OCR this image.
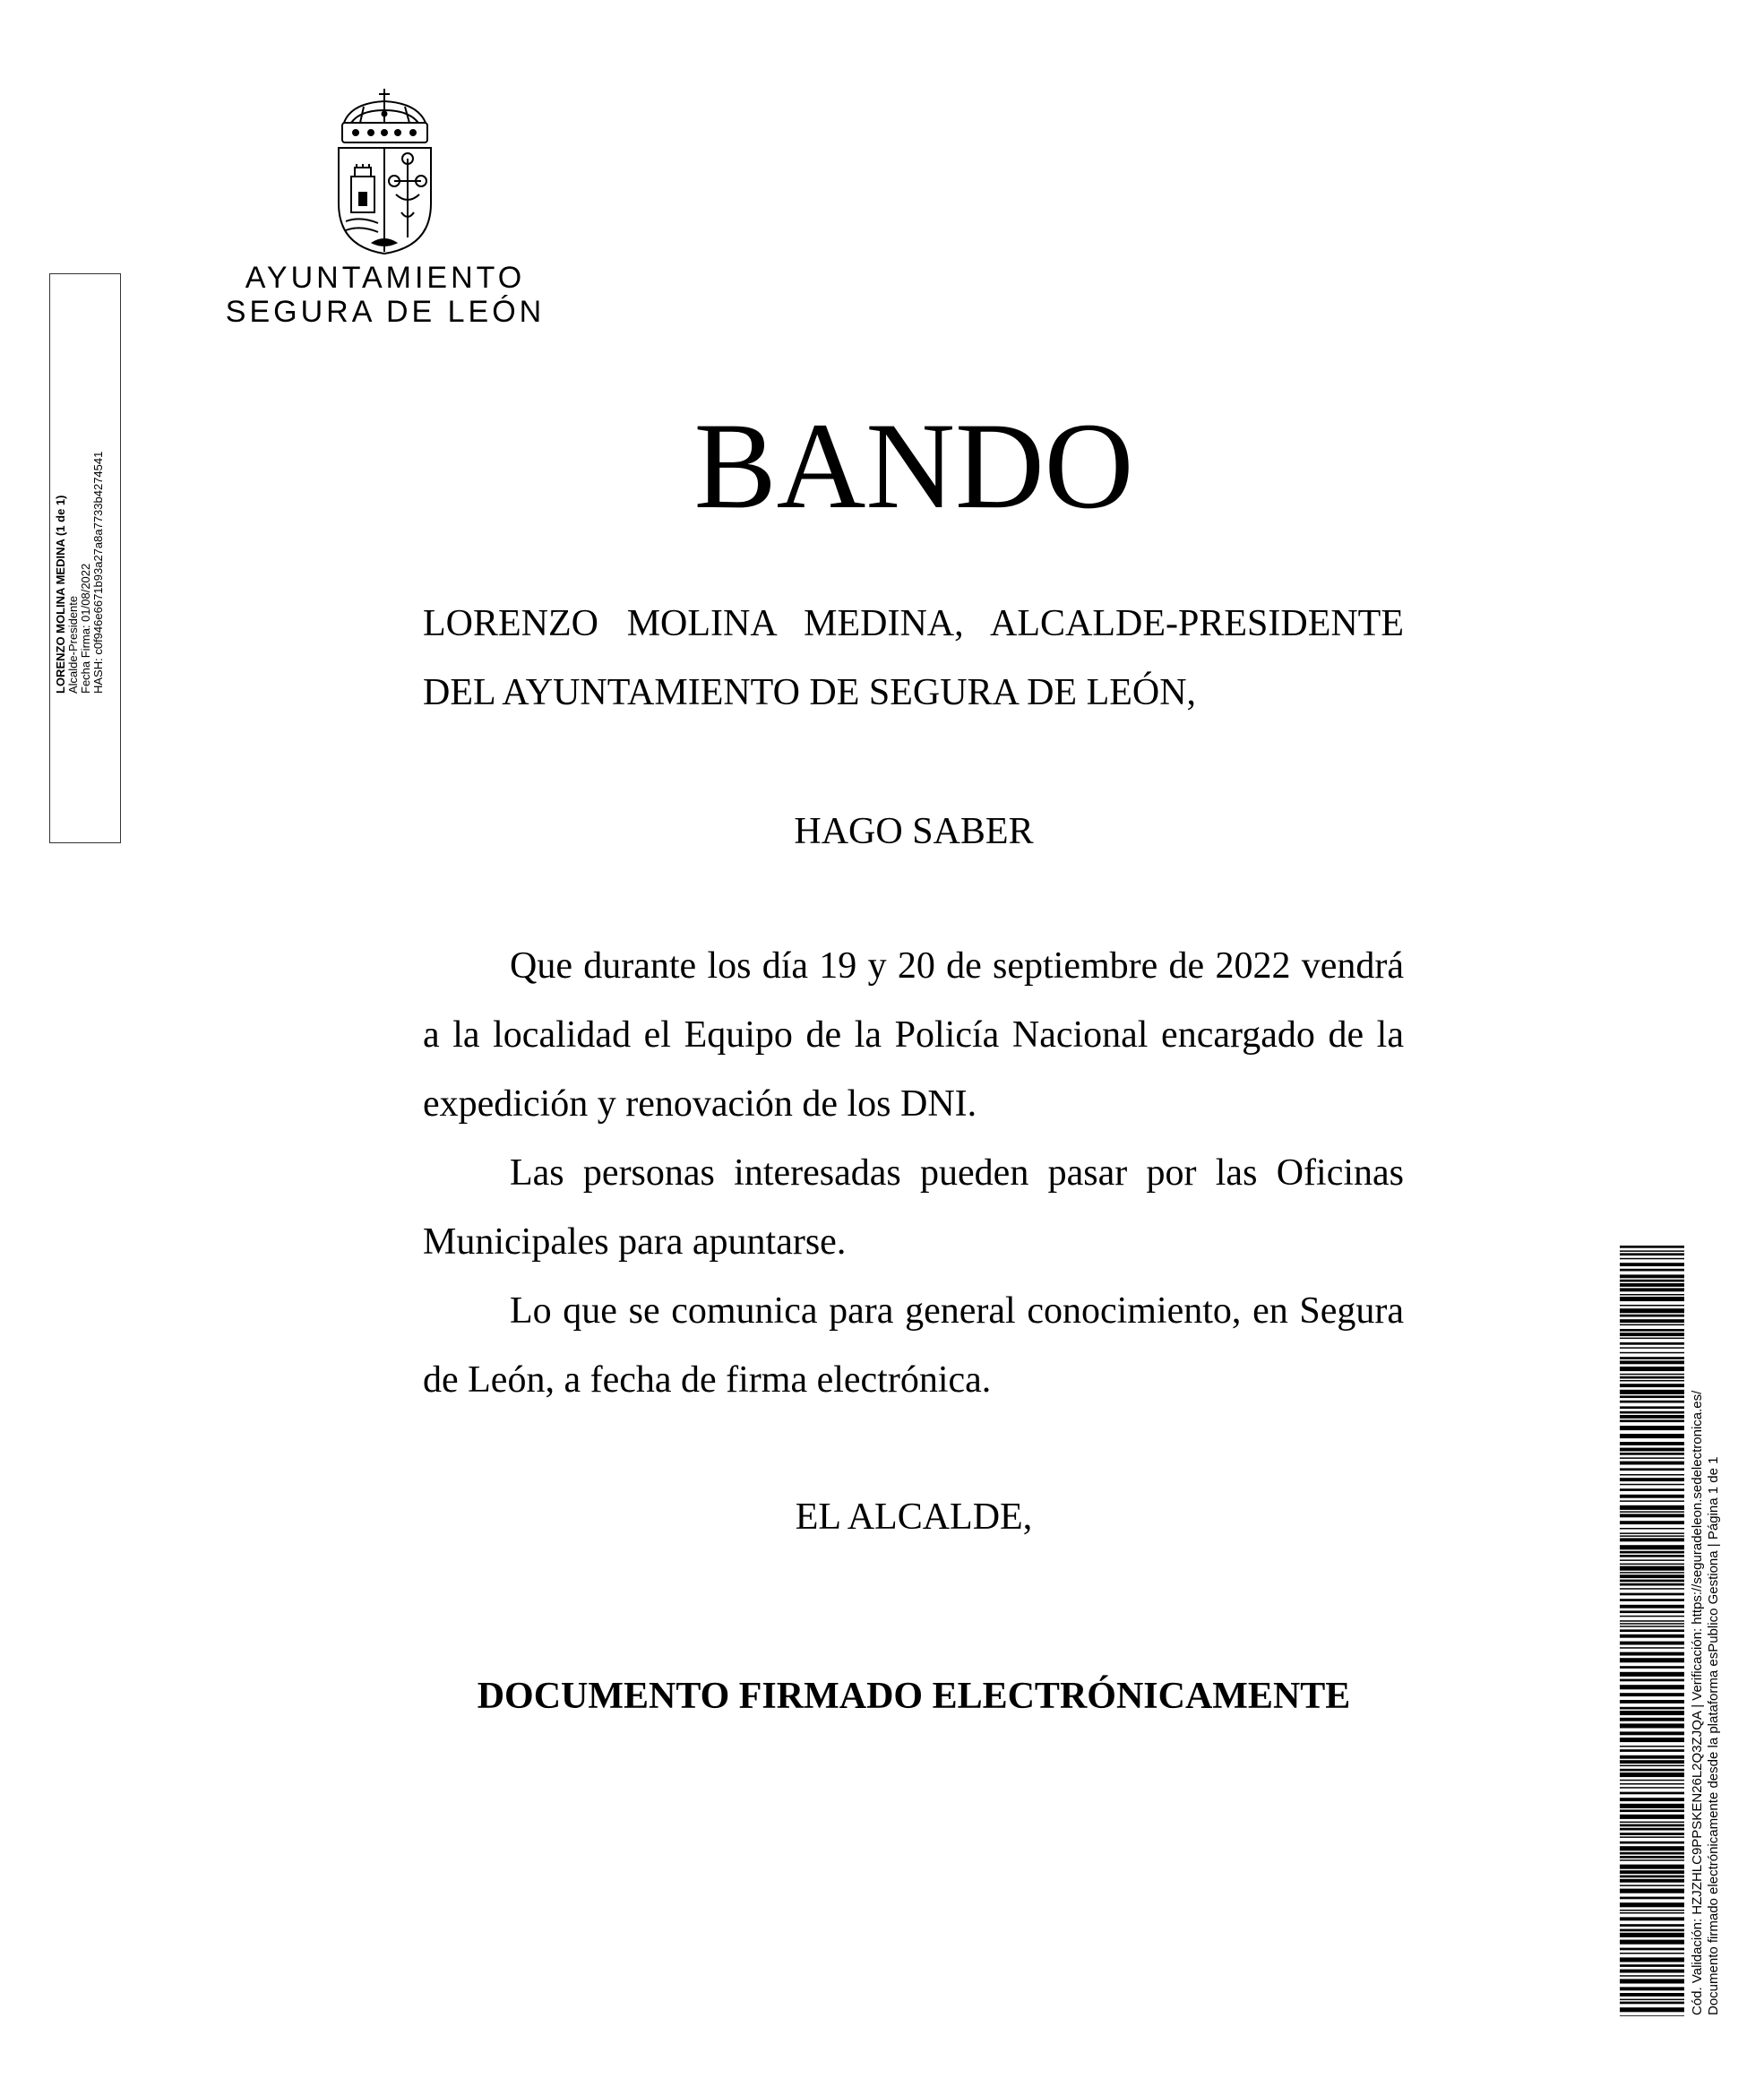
AYUNTAMIENTO
SEGURA DE LEÓN
LORENZO MOLINA MEDINA (1 de 1) Alcalde-Presidente Fecha Firma: 01/08/2022 HASH: c0f946e6671b93a27a8a7733b4274541	BANDO
LORENZO MOLINA MEDINA, ALCALDE-PRESIDENTE DEL AYUNTAMIENTO DE SEGURA DE LEÓN,
HAGO SABER
Que durante los día 19 y 20 de septiembre de 2022 vendrá a la localidad el Equipo de la Policía Nacional encargado de la expedición y renovación de los DNI.
Las personas interesadas pueden pasar por las Oficinas Municipales para apuntarse.
Lo que se comunica para general conocimiento, en Segura de León, a fecha de firma electrónica.
EL ALCALDE,
DOCUMENTO FIRMADO ELECTRÓNICAMENTE	Cód. Validación: HZJZHLC9PPSKEN26L2Q3ZJQA | Verificación: https://seguradeleon.sedelectronica.es/ Documento firmado electrónicamente desde la plataforma esPublico Gestiona | Página 1 de 1
